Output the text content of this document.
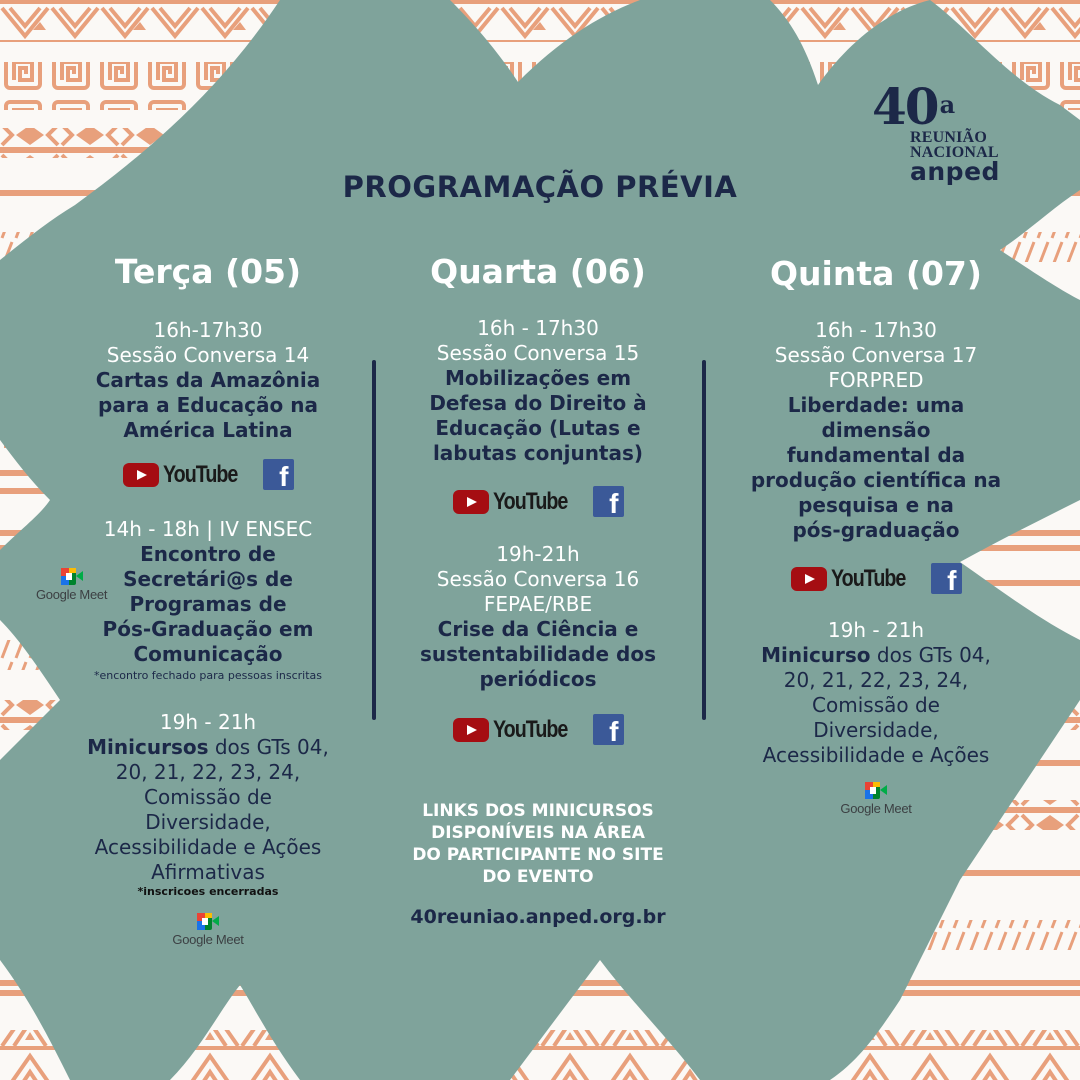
40$^a$
REUNIÃO
NACIONAL
anped
PROGRAMAÇÃO PRÉVIA
Terça (05)
16h-17h30
Sessão Conversa 14
Cartas da Amazônia
para a Educação na
América Latina
YouTube	f
14h - 18h | IV ENSEC
Encontro de
Secretári@s de
Programas de
Pós-Graduação em
Comunicação
*encontro fechado para pessoas inscritas
Google Meet
19h - 21h
Minicursos dos GTs 04,
20, 21, 22, 23, 24,
Comissão de
Diversidade,
Acessibilidade e Ações
Afirmativas
*inscricoes encerradas
Google Meet
Quarta (06)
16h - 17h30
Sessão Conversa 15
Mobilizações em
Defesa do Direito à
Educação (Lutas e
labutas conjuntas)
YouTube	f
19h-21h
Sessão Conversa 16
FEPAE/RBE
Crise da Ciência e
sustentabilidade dos
periódicos
YouTube	f
LINKS DOS MINICURSOS
DISPONÍVEIS NA ÁREA
DO PARTICIPANTE NO SITE
DO EVENTO
40reuniao.anped.org.br
Quinta (07)
16h - 17h30
Sessão Conversa 17
FORPRED
Liberdade: uma
dimensão
fundamental da
produção científica na
pesquisa e na
pós-graduação
YouTube	f
19h - 21h
Minicurso dos GTs 04,
20, 21, 22, 23, 24,
Comissão de
Diversidade,
Acessibilidade e Ações
Google Meet
